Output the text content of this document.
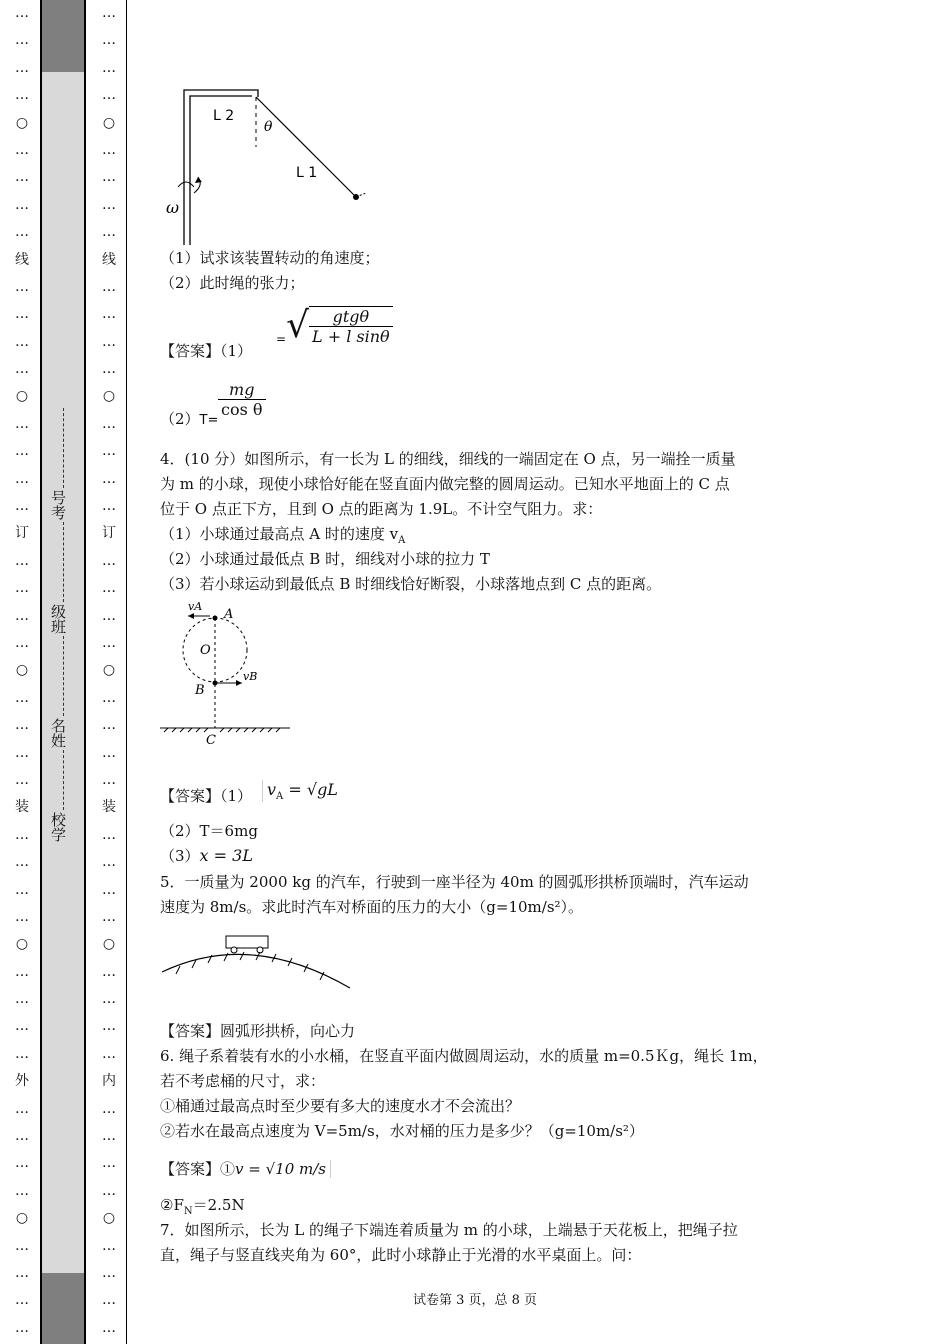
…
…
…
…
○
…
…
…
…
线
…
…
…
…
○
…
…
…
…
订
…
…
…
…
○
…
…
…
…
装
…
…
…
…
○
…
…
…
…
外
…
…
…
…
○
…
…
…
…
…
…
…
…
○
…
…
…
…
线
…
…
…
…
○
…
…
…
…
订
…
…
…
…
○
…
…
…
…
装
…
…
…
…
○
…
…
…
…
内
…
…
…
…
○
…
…
…
…
号考
级班
名姓
校学
L 2
θ
L 1
ω
（1）试求该装置转动的角速度；
（2）此时绳的张力；
【答案】（1）
=√ $\frac{\text{gtgθ}}{\text{L + l sinθ}}$
（2）T=
$\frac{mg}{\text{cos θ}}$
4．(10 分）如图所示，有一长为 L 的细线，细线的一端固定在 O 点，另一端拴一质量
为 m 的小球，现使小球恰好能在竖直面内做完整的圆周运动。已知水平地面上的 C 点
位于 O 点正下方，且到 O 点的距离为 1.9L。不计空气阻力。求：
（1）小球通过最高点 A 时的速度 $v_A$
（2）小球通过最低点 B 时，细线对小球的拉力 T
（3）若小球运动到最低点 B 时细线恰好断裂，小球落地点到 C 点的距离。
vA
A
O
B
vB
C
【答案】（1） $v_A = √gL$
（2）T＝6mg
（3）x = 3L
5．一质量为 2000 kg 的汽车，行驶到一座半径为 40m 的圆弧形拱桥顶端时，汽车运动
速度为 8m/s。求此时汽车对桥面的压力的大小（g=10m/s²）。
【答案】圆弧形拱桥，向心力
6. 绳子系着装有水的小水桶，在竖直平面内做圆周运动，水的质量 m=0.5Ｋg，绳长 1m，
若不考虑桶的尺寸，求：
①桶通过最高点时至少要有多大的速度水才不会流出？
②若水在最高点速度为 V=5m/s，水对桶的压力是多少？（g=10m/s²）
【答案】①v = √10 m/s
$②F_N=2.5N$
7．如图所示，长为 L 的绳子下端连着质量为 m 的小球，上端悬于天花板上，把绳子拉
直，绳子与竖直线夹角为 60°，此时小球静止于光滑的水平桌面上。问：
试卷第 3 页，总 8 页
